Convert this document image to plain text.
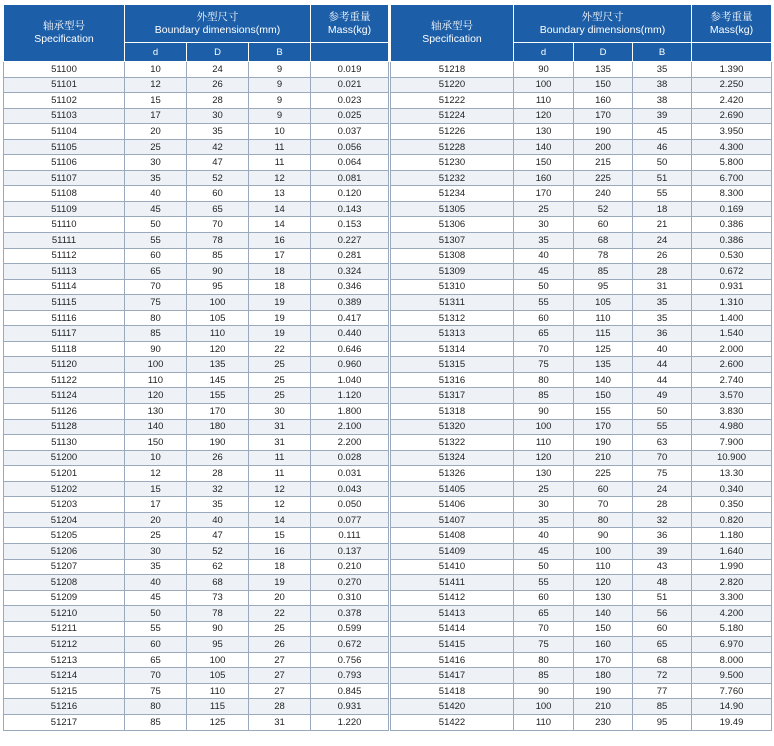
轴承型号
Specification	外型尺寸
Boundary dimensions(mm)			参考重量
Mass(kg)

	d	D	B	
51100	10	24	9	0.019
51101	12	26	9	0.021
51102	15	28	9	0.023
51103	17	30	9	0.025
51104	20	35	10	0.037
51105	25	42	11	0.056
51106	30	47	11	0.064
51107	35	52	12	0.081
51108	40	60	13	0.120
51109	45	65	14	0.143
51110	50	70	14	0.153
51111	55	78	16	0.227
51112	60	85	17	0.281
51113	65	90	18	0.324
51114	70	95	18	0.346
51115	75	100	19	0.389
51116	80	105	19	0.417
51117	85	110	19	0.440
51118	90	120	22	0.646
51120	100	135	25	0.960
51122	110	145	25	1.040
51124	120	155	25	1.120
51126	130	170	30	1.800
51128	140	180	31	2.100
51130	150	190	31	2.200
51200	10	26	11	0.028
51201	12	28	11	0.031
51202	15	32	12	0.043
51203	17	35	12	0.050
51204	20	40	14	0.077
51205	25	47	15	0.111
51206	30	52	16	0.137
51207	35	62	18	0.210
51208	40	68	19	0.270
51209	45	73	20	0.310
51210	50	78	22	0.378
51211	55	90	25	0.599
51212	60	95	26	0.672
51213	65	100	27	0.756
51214	70	105	27	0.793
51215	75	110	27	0.845
51216	80	115	28	0.931
51217	85	125	31	1.220
轴承型号
Specification	外型尺寸
Boundary dimensions(mm)			参考重量
Mass(kg)

	d	D	B	
51218	90	135	35	1.390
51220	100	150	38	2.250
51222	110	160	38	2.420
51224	120	170	39	2.690
51226	130	190	45	3.950
51228	140	200	46	4.300
51230	150	215	50	5.800
51232	160	225	51	6.700
51234	170	240	55	8.300
51305	25	52	18	0.169
51306	30	60	21	0.386
51307	35	68	24	0.386
51308	40	78	26	0.530
51309	45	85	28	0.672
51310	50	95	31	0.931
51311	55	105	35	1.310
51312	60	110	35	1.400
51313	65	115	36	1.540
51314	70	125	40	2.000
51315	75	135	44	2.600
51316	80	140	44	2.740
51317	85	150	49	3.570
51318	90	155	50	3.830
51320	100	170	55	4.980
51322	110	190	63	7.900
51324	120	210	70	10.900
51326	130	225	75	13.30
51405	25	60	24	0.340
51406	30	70	28	0.350
51407	35	80	32	0.820
51408	40	90	36	1.180
51409	45	100	39	1.640
51410	50	110	43	1.990
51411	55	120	48	2.820
51412	60	130	51	3.300
51413	65	140	56	4.200
51414	70	150	60	5.180
51415	75	160	65	6.970
51416	80	170	68	8.000
51417	85	180	72	9.500
51418	90	190	77	7.760
51420	100	210	85	14.90
51422	110	230	95	19.49
